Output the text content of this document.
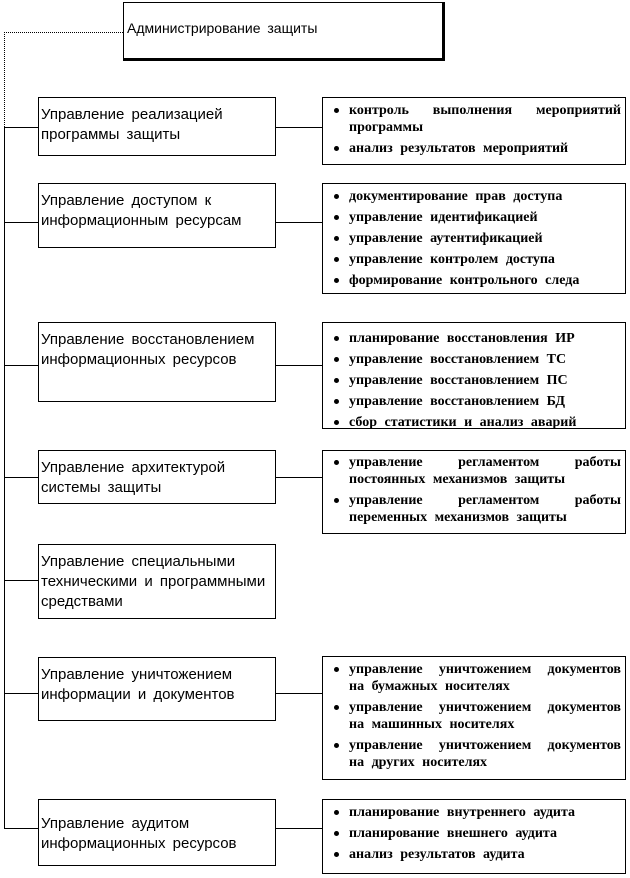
Администрирование защиты
Управление реализацией программы защиты
контроль выполнения мероприятий программы
анализ результатов мероприятий
Управление доступом к информационным ресурсам
документирование прав доступа
управление идентификацией
управление аутентификацией
управление контролем доступа
формирование контрольного следа
Управление восстановлением информационных ресурсов
планирование восстановления ИР
управление восстановлением ТС
управление восстановлением ПС
управление восстановлением БД
сбор статистики и анализ аварий
Управление архитектурой системы защиты
управление регламентом работы постоянных механизмов защиты
управление регламентом работы переменных механизмов защиты
Управление специальными техническими и программными средствами
Управление уничтожением информации и документов
управление уничтожением документов на бумажных носителях
управление уничтожением документов на машинных носителях
управление уничтожением документов на других носителях
Управление аудитом информационных ресурсов
планирование внутреннего аудита
планирование внешнего аудита
анализ результатов аудита
